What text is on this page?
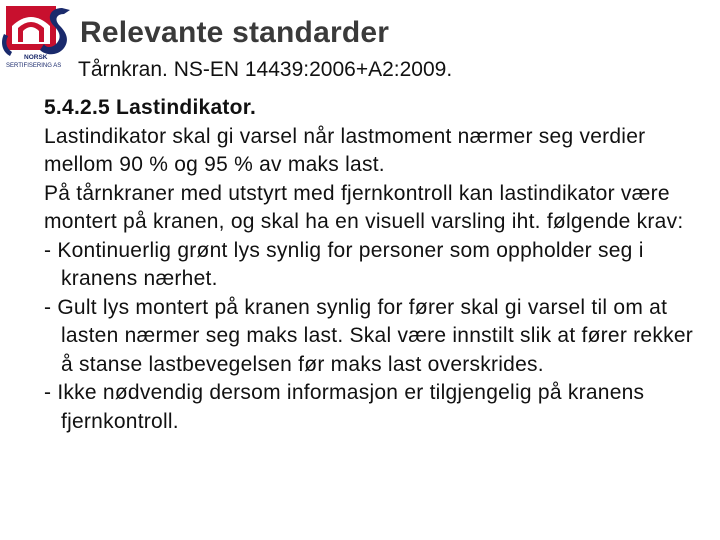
NORSK
SERTIFISERING AS
Relevante standarder
Tårnkran. NS-EN 14439:2006+A2:2009.

5.4.2.5 Lastindikator.

Lastindikator skal gi varsel når lastmoment nærmer seg verdier mellom 90 % og 95 % av maks last.

På tårnkraner med utstyrt med fjernkontroll kan lastindikator være montert på kranen, og skal ha en visuell varsling iht. følgende krav:

- Kontinuerlig grønt lys synlig for personer som oppholder seg i kranens nærhet.

- Gult lys montert på kranen synlig for fører skal gi varsel til om at lasten nærmer seg maks last. Skal være innstilt slik at fører rekker å stanse lastbevegelsen før maks last overskrides.

- Ikke nødvendig dersom informasjon er tilgjengelig på kranens fjernkontroll.
